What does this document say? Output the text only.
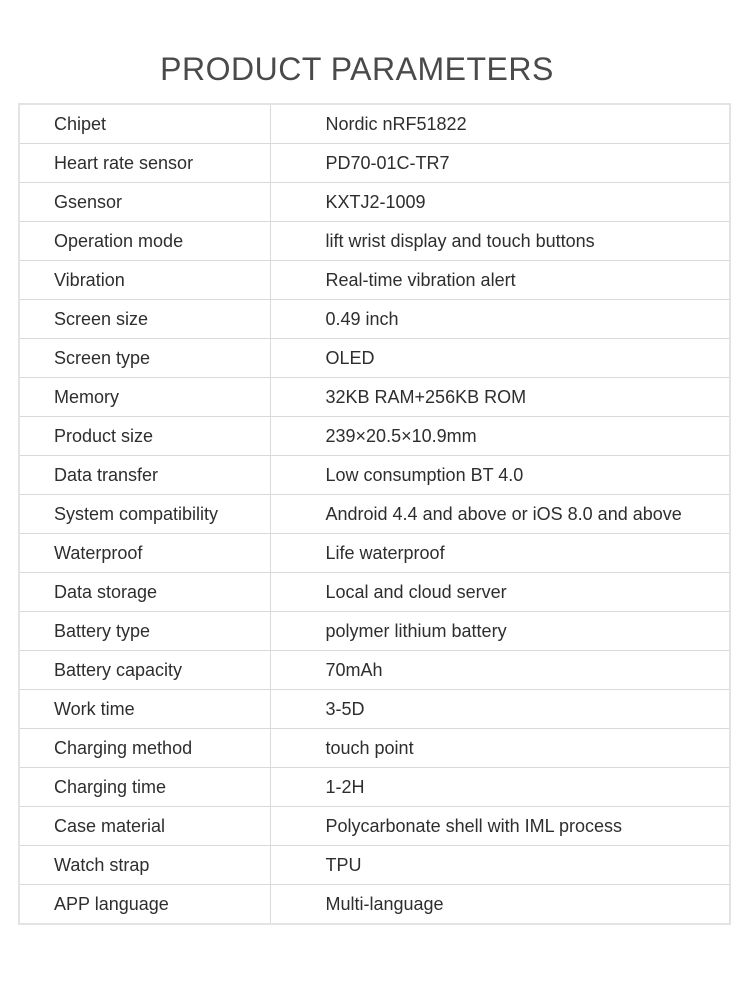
PRODUCT PARAMETERS
Chipet	Nordic nRF51822
Heart rate sensor	PD70-01C-TR7
Gsensor	KXTJ2-1009
Operation mode	lift wrist display and touch buttons
Vibration	Real-time vibration alert
Screen size	0.49 inch
Screen type	OLED
Memory	32KB RAM+256KB ROM
Product size	239×20.5×10.9mm
Data transfer	Low consumption BT 4.0
System compatibility	Android 4.4 and above or iOS 8.0 and above
Waterproof	Life waterproof
Data storage	Local and cloud server
Battery type	polymer lithium battery
Battery capacity	70mAh
Work time	3-5D
Charging method	touch point
Charging time	1-2H
Case material	Polycarbonate shell with IML process
Watch strap	TPU
APP language	Multi-language
